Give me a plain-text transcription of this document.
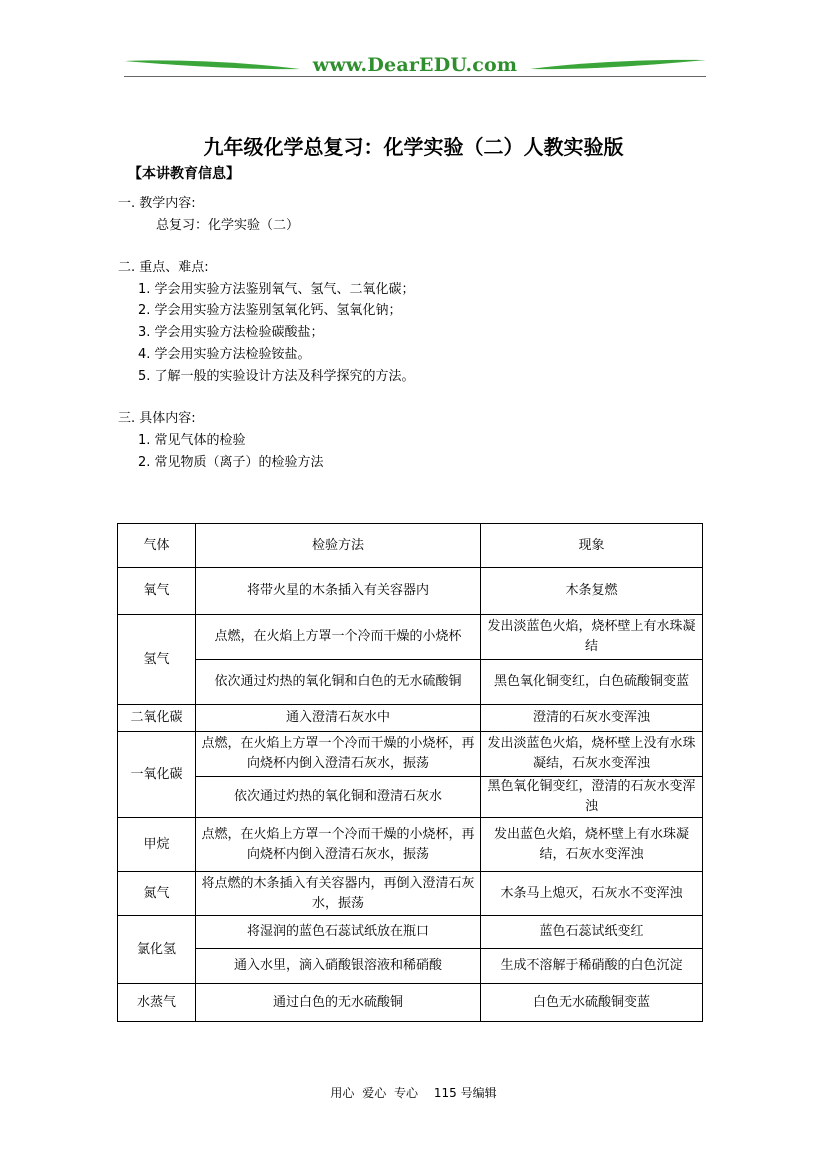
www.DearEDU.com
九年级化学总复习：化学实验（二）人教实验版
【本讲教育信息】
一. 教学内容:
总复习：化学实验（二）
二. 重点、难点:
1. 学会用实验方法鉴别氧气、氢气、二氧化碳；
2. 学会用实验方法鉴别氢氧化钙、氢氧化钠；
3. 学会用实验方法检验碳酸盐；
4. 学会用实验方法检验铵盐。
5. 了解一般的实验设计方法及科学探究的方法。
三. 具体内容:
1. 常见气体的检验
2. 常见物质（离子）的检验方法
气体	检验方法	现象
氧气	将带火星的木条插入有关容器内	木条复燃
氢气	点燃，在火焰上方罩一个冷而干燥的小烧杯	发出淡蓝色火焰，烧杯壁上有水珠凝结
	依次通过灼热的氧化铜和白色的无水硫酸铜	黑色氧化铜变红，白色硫酸铜变蓝
二氧化碳	通入澄清石灰水中	澄清的石灰水变浑浊
一氧化碳	点燃，在火焰上方罩一个冷而干燥的小烧杯，再向烧杯内倒入澄清石灰水，振荡	发出淡蓝色火焰，烧杯壁上没有水珠凝结，石灰水变浑浊
	依次通过灼热的氧化铜和澄清石灰水	黑色氧化铜变红，澄清的石灰水变浑浊
甲烷	点燃，在火焰上方罩一个冷而干燥的小烧杯，再向烧杯内倒入澄清石灰水，振荡	发出蓝色火焰，烧杯壁上有水珠凝结，石灰水变浑浊
氮气	将点燃的木条插入有关容器内，再倒入澄清石灰水，振荡	木条马上熄灭，石灰水不变浑浊
氯化氢	将湿润的蓝色石蕊试纸放在瓶口	蓝色石蕊试纸变红
	通入水里，滴入硝酸银溶液和稀硝酸	生成不溶解于稀硝酸的白色沉淀
水蒸气	通过白色的无水硫酸铜	白色无水硫酸铜变蓝
用心 爱心 专心 115 号编辑
